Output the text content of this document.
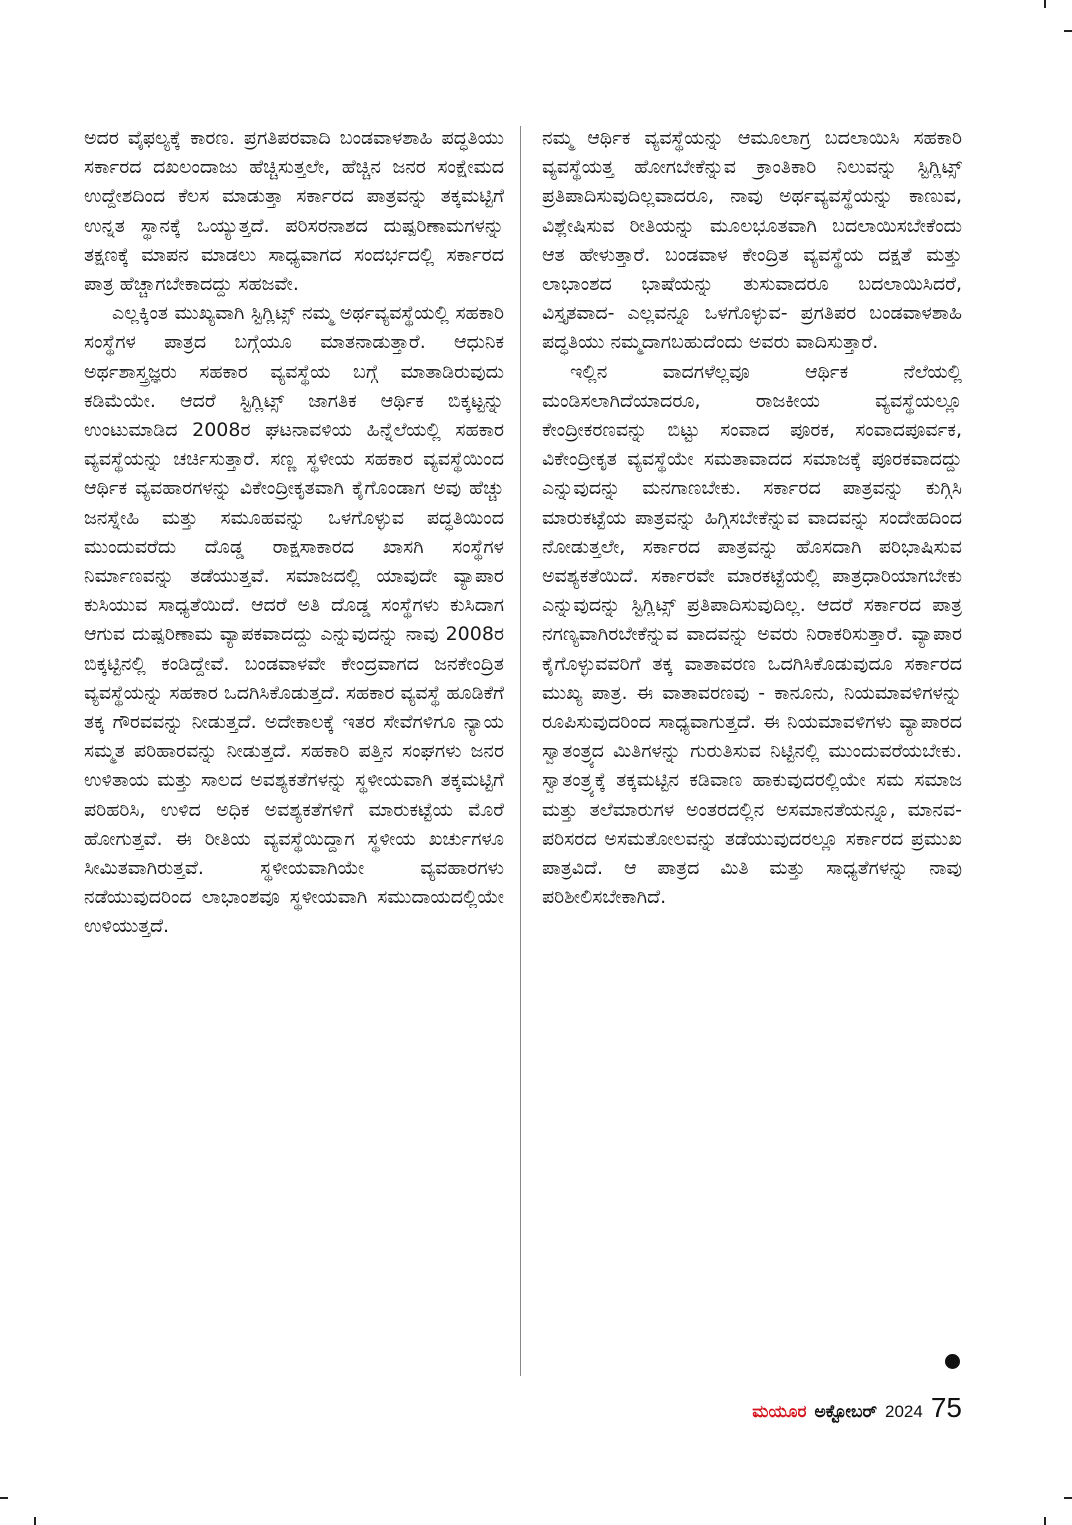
ಅದರ ವೈಫಲ್ಯಕ್ಕೆ ಕಾರಣ. ಪ್ರಗತಿಪರವಾದಿ ಬಂಡವಾಳಶಾಹಿ ಪದ್ಧತಿಯು ಸರ್ಕಾರದ ದಖಲಂದಾಜು ಹೆಚ್ಚಿಸುತ್ತಲೇ, ಹೆಚ್ಚಿನ ಜನರ ಸಂಕ್ಷೇಮದ ಉದ್ದೇಶದಿಂದ ಕೆಲಸ ಮಾಡುತ್ತಾ ಸರ್ಕಾರದ ಪಾತ್ರವನ್ನು ತಕ್ಕಮಟ್ಟಿಗೆ ಉನ್ನತ ಸ್ಥಾನಕ್ಕೆ ಒಯ್ಯುತ್ತದೆ. ಪರಿಸರನಾಶದ ದುಷ್ಪರಿಣಾಮಗಳನ್ನು ತಕ್ಷಣಕ್ಕೆ ಮಾಪನ ಮಾಡಲು ಸಾಧ್ಯವಾಗದ ಸಂದರ್ಭದಲ್ಲಿ ಸರ್ಕಾರದ ಪಾತ್ರ ಹೆಚ್ಚಾಗಬೇಕಾದದ್ದು ಸಹಜವೇ.

ಎಲ್ಲಕ್ಕಿಂತ ಮುಖ್ಯವಾಗಿ ಸ್ಟಿಗ್ಲಿಟ್ಸ್ ನಮ್ಮ ಅರ್ಥವ್ಯವಸ್ಥೆಯಲ್ಲಿ ಸಹಕಾರಿ ಸಂಸ್ಥೆಗಳ ಪಾತ್ರದ ಬಗ್ಗೆಯೂ ಮಾತನಾಡುತ್ತಾರೆ. ಆಧುನಿಕ ಅರ್ಥಶಾಸ್ತ್ರಜ್ಞರು ಸಹಕಾರ ವ್ಯವಸ್ಥೆಯ ಬಗ್ಗೆ ಮಾತಾಡಿರುವುದು ಕಡಿಮೆಯೇ. ಆದರೆ ಸ್ಟಿಗ್ಲಿಟ್ಸ್ ಜಾಗತಿಕ ಆರ್ಥಿಕ ಬಿಕ್ಕಟ್ಟನ್ನು ಉಂಟುಮಾಡಿದ 2008ರ ಘಟನಾವಳಿಯ ಹಿನ್ನೆಲೆಯಲ್ಲಿ ಸಹಕಾರ ವ್ಯವಸ್ಥೆಯನ್ನು ಚರ್ಚಿಸುತ್ತಾರೆ. ಸಣ್ಣ ಸ್ಥಳೀಯ ಸಹಕಾರ ವ್ಯವಸ್ಥೆಯಿಂದ ಆರ್ಥಿಕ ವ್ಯವಹಾರಗಳನ್ನು ವಿಕೇಂದ್ರೀಕೃತವಾಗಿ ಕೈಗೊಂಡಾಗ ಅವು ಹೆಚ್ಚು ಜನಸ್ನೇಹಿ ಮತ್ತು ಸಮೂಹವನ್ನು ಒಳಗೊಳ್ಳುವ ಪದ್ಧತಿಯಿಂದ ಮುಂದುವರೆದು ದೊಡ್ಡ ರಾಕ್ಷಸಾಕಾರದ ಖಾಸಗಿ ಸಂಸ್ಥೆಗಳ ನಿರ್ಮಾಣವನ್ನು ತಡೆಯುತ್ತವೆ. ಸಮಾಜದಲ್ಲಿ ಯಾವುದೇ ವ್ಯಾಪಾರ ಕುಸಿಯುವ ಸಾಧ್ಯತೆಯಿದೆ. ಆದರೆ ಅತಿ ದೊಡ್ಡ ಸಂಸ್ಥೆಗಳು ಕುಸಿದಾಗ ಆಗುವ ದುಷ್ಪರಿಣಾಮ ವ್ಯಾಪಕವಾದದ್ದು ಎನ್ನುವುದನ್ನು ನಾವು 2008ರ ಬಿಕ್ಕಟ್ಟಿನಲ್ಲಿ ಕಂಡಿದ್ದೇವೆ. ಬಂಡವಾಳವೇ ಕೇಂದ್ರವಾಗದ ಜನಕೇಂದ್ರಿತ ವ್ಯವಸ್ಥೆಯನ್ನು ಸಹಕಾರ ಒದಗಿಸಿಕೊಡುತ್ತದೆ. ಸಹಕಾರ ವ್ಯವಸ್ಥೆ ಹೂಡಿಕೆಗೆ ತಕ್ಕ ಗೌರವವನ್ನು ನೀಡುತ್ತದೆ. ಅದೇಕಾಲಕ್ಕೆ ಇತರ ಸೇವೆಗಳಿಗೂ ನ್ಯಾಯ ಸಮ್ಮತ ಪರಿಹಾರವನ್ನು ನೀಡುತ್ತದೆ. ಸಹಕಾರಿ ಪತ್ತಿನ ಸಂಘಗಳು ಜನರ ಉಳಿತಾಯ ಮತ್ತು ಸಾಲದ ಅವಶ್ಯಕತೆಗಳನ್ನು ಸ್ಥಳೀಯವಾಗಿ ತಕ್ಕಮಟ್ಟಿಗೆ ಪರಿಹರಿಸಿ, ಉಳಿದ ಅಧಿಕ ಅವಶ್ಯಕತೆಗಳಿಗೆ ಮಾರುಕಟ್ಟೆಯ ಮೊರೆ ಹೋಗುತ್ತವೆ. ಈ ರೀತಿಯ ವ್ಯವಸ್ಥೆಯಿದ್ದಾಗ ಸ್ಥಳೀಯ ಖರ್ಚುಗಳೂ ಸೀಮಿತವಾಗಿರುತ್ತವೆ. ಸ್ಥಳೀಯವಾಗಿಯೇ ವ್ಯವಹಾರಗಳು ನಡೆಯುವುದರಿಂದ ಲಾಭಾಂಶವೂ ಸ್ಥಳೀಯವಾಗಿ ಸಮುದಾಯದಲ್ಲಿಯೇ ಉಳಿಯುತ್ತದೆ.

ನಮ್ಮ ಆರ್ಥಿಕ ವ್ಯವಸ್ಥೆಯನ್ನು ಆಮೂಲಾಗ್ರ ಬದಲಾಯಿಸಿ ಸಹಕಾರಿ ವ್ಯವಸ್ಥೆಯತ್ತ ಹೋಗಬೇಕೆನ್ನುವ ಕ್ರಾಂತಿಕಾರಿ ನಿಲುವನ್ನು ಸ್ಟಿಗ್ಲಿಟ್ಸ್ ಪ್ರತಿಪಾದಿಸುವುದಿಲ್ಲವಾದರೂ, ನಾವು ಅರ್ಥವ್ಯವಸ್ಥೆಯನ್ನು ಕಾಣುವ, ವಿಶ್ಲೇಷಿಸುವ ರೀತಿಯನ್ನು ಮೂಲಭೂತವಾಗಿ ಬದಲಾಯಿಸಬೇಕೆಂದು ಆತ ಹೇಳುತ್ತಾರೆ. ಬಂಡವಾಳ ಕೇಂದ್ರಿತ ವ್ಯವಸ್ಥೆಯ ದಕ್ಷತೆ ಮತ್ತು ಲಾಭಾಂಶದ ಭಾಷೆಯನ್ನು ತುಸುವಾದರೂ ಬದಲಾಯಿಸಿದರೆ, ವಿಸ್ತೃತವಾದ- ಎಲ್ಲವನ್ನೂ ಒಳಗೊಳ್ಳುವ- ಪ್ರಗತಿಪರ ಬಂಡವಾಳಶಾಹಿ ಪದ್ಧತಿಯು ನಮ್ಮದಾಗಬಹುದೆಂದು ಅವರು ವಾದಿಸುತ್ತಾರೆ.

ಇಲ್ಲಿನ ವಾದಗಳೆಲ್ಲವೂ ಆರ್ಥಿಕ ನೆಲೆಯಲ್ಲಿ ಮಂಡಿಸಲಾಗಿದೆಯಾದರೂ, ರಾಜಕೀಯ ವ್ಯವಸ್ಥೆಯಲ್ಲೂ ಕೇಂದ್ರೀಕರಣವನ್ನು ಬಿಟ್ಟು ಸಂವಾದ ಪೂರಕ, ಸಂವಾದಪೂರ್ವಕ, ವಿಕೇಂದ್ರೀಕೃತ ವ್ಯವಸ್ಥೆಯೇ ಸಮತಾವಾದದ ಸಮಾಜಕ್ಕೆ ಪೂರಕವಾದದ್ದು ಎನ್ನುವುದನ್ನು ಮನಗಾಣಬೇಕು. ಸರ್ಕಾರದ ಪಾತ್ರವನ್ನು ಕುಗ್ಗಿಸಿ ಮಾರುಕಟ್ಟೆಯ ಪಾತ್ರವನ್ನು ಹಿಗ್ಗಿಸಬೇಕೆನ್ನುವ ವಾದವನ್ನು ಸಂದೇಹದಿಂದ ನೋಡುತ್ತಲೇ, ಸರ್ಕಾರದ ಪಾತ್ರವನ್ನು ಹೊಸದಾಗಿ ಪರಿಭಾಷಿಸುವ ಅವಶ್ಯಕತೆಯಿದೆ. ಸರ್ಕಾರವೇ ಮಾರಕಟ್ಟೆಯಲ್ಲಿ ಪಾತ್ರಧಾರಿಯಾಗಬೇಕು ಎನ್ನುವುದನ್ನು ಸ್ಟಿಗ್ಲಿಟ್ಸ್ ಪ್ರತಿಪಾದಿಸುವುದಿಲ್ಲ. ಆದರೆ ಸರ್ಕಾರದ ಪಾತ್ರ ನಗಣ್ಯವಾಗಿರಬೇಕೆನ್ನುವ ವಾದವನ್ನು ಅವರು ನಿರಾಕರಿಸುತ್ತಾರೆ. ವ್ಯಾಪಾರ ಕೈಗೊಳ್ಳುವವರಿಗೆ ತಕ್ಕ ವಾತಾವರಣ ಒದಗಿಸಿಕೊಡುವುದೂ ಸರ್ಕಾರದ ಮುಖ್ಯ ಪಾತ್ರ. ಈ ವಾತಾವರಣವು - ಕಾನೂನು, ನಿಯಮಾವಳಿಗಳನ್ನು ರೂಪಿಸುವುದರಿಂದ ಸಾಧ್ಯವಾಗುತ್ತದೆ. ಈ ನಿಯಮಾವಳಿಗಳು ವ್ಯಾಪಾರದ ಸ್ವಾತಂತ್ರ್ಯದ ಮಿತಿಗಳನ್ನು ಗುರುತಿಸುವ ನಿಟ್ಟಿನಲ್ಲಿ ಮುಂದುವರೆಯಬೇಕು. ಸ್ವಾತಂತ್ರ್ಯಕ್ಕೆ ತಕ್ಕಮಟ್ಟಿನ ಕಡಿವಾಣ ಹಾಕುವುದರಲ್ಲಿಯೇ ಸಮ ಸಮಾಜ ಮತ್ತು ತಲೆಮಾರುಗಳ ಅಂತರದಲ್ಲಿನ ಅಸಮಾನತೆಯನ್ನೂ, ಮಾನವ-ಪರಿಸರದ ಅಸಮತೋಲವನ್ನು ತಡೆಯುವುದರಲ್ಲೂ ಸರ್ಕಾರದ ಪ್ರಮುಖ ಪಾತ್ರವಿದೆ. ಆ ಪಾತ್ರದ ಮಿತಿ ಮತ್ತು ಸಾಧ್ಯತೆಗಳನ್ನು ನಾವು ಪರಿಶೀಲಿಸಬೇಕಾಗಿದೆ.

ಮಯೂರ ಅಕ್ಟೋಬರ್ 2024 75
